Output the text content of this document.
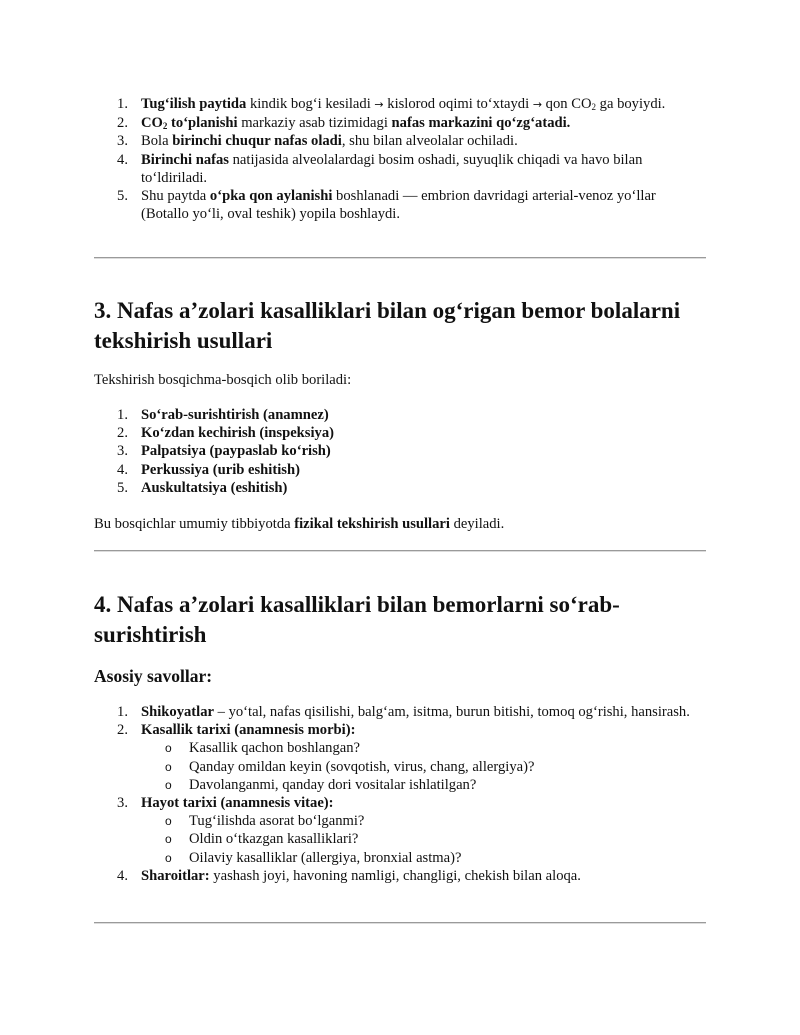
1. Tug‘ilish paytida kindik bog‘i kesiladi → kislorod oqimi to‘xtaydi → qon $CO_2$ ga boyiydi.
2. $CO_2$ to‘planishi markaziy asab tizimidagi nafas markazini qo‘zg‘atadi.
3. Bola birinchi chuqur nafas oladi, shu bilan alveolalar ochiladi.
4. Birinchi nafas natijasida alveolalardagi bosim oshadi, suyuqlik chiqadi va havo bilan to‘ldiriladi.
5. Shu paytda o‘pka qon aylanishi boshlanadi — embrion davridagi arterial-venoz yo‘llar (Botallo yo‘li, oval teshik) yopila boshlaydi.
3. Nafas a’zolari kasalliklari bilan og‘rigan bemor bolalarni tekshirish usullari

Tekshirish bosqichma-bosqich olib boriladi:

1. So‘rab-surishtirish (anamnez)
2. Ko‘zdan kechirish (inspeksiya)
3. Palpatsiya (paypaslab ko‘rish)
4. Perkussiya (urib eshitish)
5. Auskultatsiya (eshitish)

Bu bosqichlar umumiy tibbiyotda fizikal tekshirish usullari deyiladi.

4. Nafas a’zolari kasalliklari bilan bemorlarni so‘rab-surishtirish
Asosiy savollar:
1. Shikoyatlar – yo‘tal, nafas qisilishi, balg‘am, isitma, burun bitishi, tomoq og‘rishi, hansirash.
2. Kasallik tarixi (anamnesis morbi):
o Kasallik qachon boshlangan?
o Qanday omildan keyin (sovqotish, virus, chang, allergiya)?
o Davolanganmi, qanday dori vositalar ishlatilgan?
3. Hayot tarixi (anamnesis vitae):
o Tug‘ilishda asorat bo‘lganmi?
o Oldin o‘tkazgan kasalliklari?
o Oilaviy kasalliklar (allergiya, bronxial astma)?
4. Sharoitlar: yashash joyi, havoning namligi, changligi, chekish bilan aloqa.
